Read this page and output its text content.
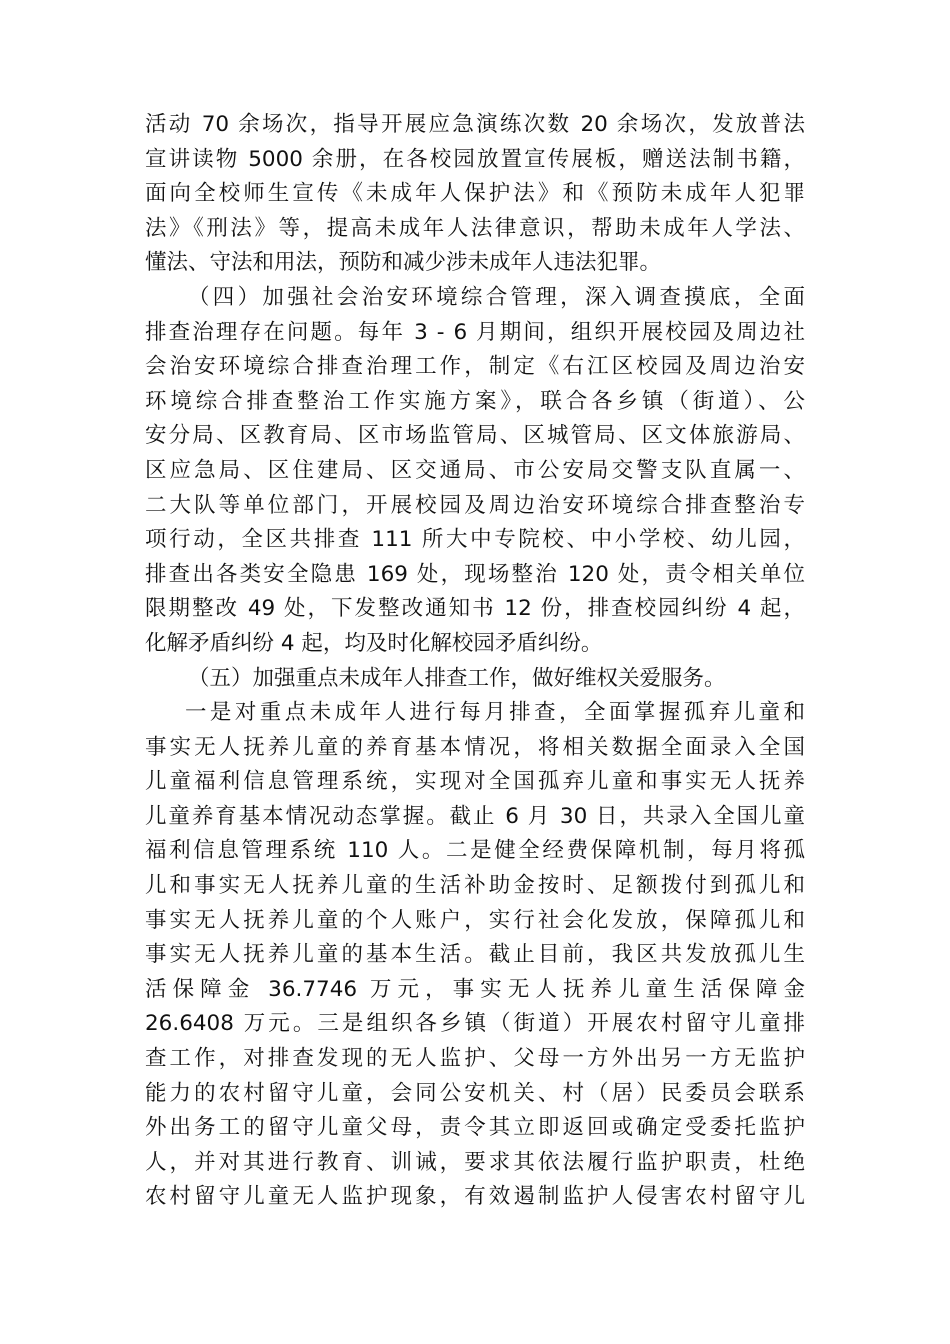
活动 70 余场次，指导开展应急演练次数 20 余场次，发放普法
宣讲读物 5000 余册，在各校园放置宣传展板，赠送法制书籍，
面向全校师生宣传《未成年人保护法》和《预防未成年人犯罪
法》《刑法》等，提高未成年人法律意识，帮助未成年人学法、
懂法、守法和用法，预防和减少涉未成年人违法犯罪。
（四）加强社会治安环境综合管理，深入调查摸底，全面
排查治理存在问题。每年 3 - 6 月期间，组织开展校园及周边社
会治安环境综合排查治理工作，制定《右江区校园及周边治安
环境综合排查整治工作实施方案》，联合各乡镇（街道）、公
安分局、区教育局、区市场监管局、区城管局、区文体旅游局、
区应急局、区住建局、区交通局、市公安局交警支队直属一、
二大队等单位部门，开展校园及周边治安环境综合排查整治专
项行动，全区共排查 111 所大中专院校、中小学校、幼儿园，
排查出各类安全隐患 169 处，现场整治 120 处，责令相关单位
限期整改 49 处，下发整改通知书 12 份，排查校园纠纷 4 起，
化解矛盾纠纷 4 起，均及时化解校园矛盾纠纷。
（五）加强重点未成年人排查工作，做好维权关爱服务。
一是对重点未成年人进行每月排查，全面掌握孤弃儿童和
事实无人抚养儿童的养育基本情况，将相关数据全面录入全国
儿童福利信息管理系统，实现对全国孤弃儿童和事实无人抚养
儿童养育基本情况动态掌握。截止 6 月 30 日，共录入全国儿童
福利信息管理系统 110 人。二是健全经费保障机制，每月将孤
儿和事实无人抚养儿童的生活补助金按时、足额拨付到孤儿和
事实无人抚养儿童的个人账户，实行社会化发放，保障孤儿和
事实无人抚养儿童的基本生活。截止目前，我区共发放孤儿生
活保障金 36.7746 万元，事实无人抚养儿童生活保障金
26.6408 万元。三是组织各乡镇（街道）开展农村留守儿童排
查工作，对排查发现的无人监护、父母一方外出另一方无监护
能力的农村留守儿童，会同公安机关、村（居）民委员会联系
外出务工的留守儿童父母，责令其立即返回或确定受委托监护
人，并对其进行教育、训诫，要求其依法履行监护职责，杜绝
农村留守儿童无人监护现象，有效遏制监护人侵害农村留守儿
